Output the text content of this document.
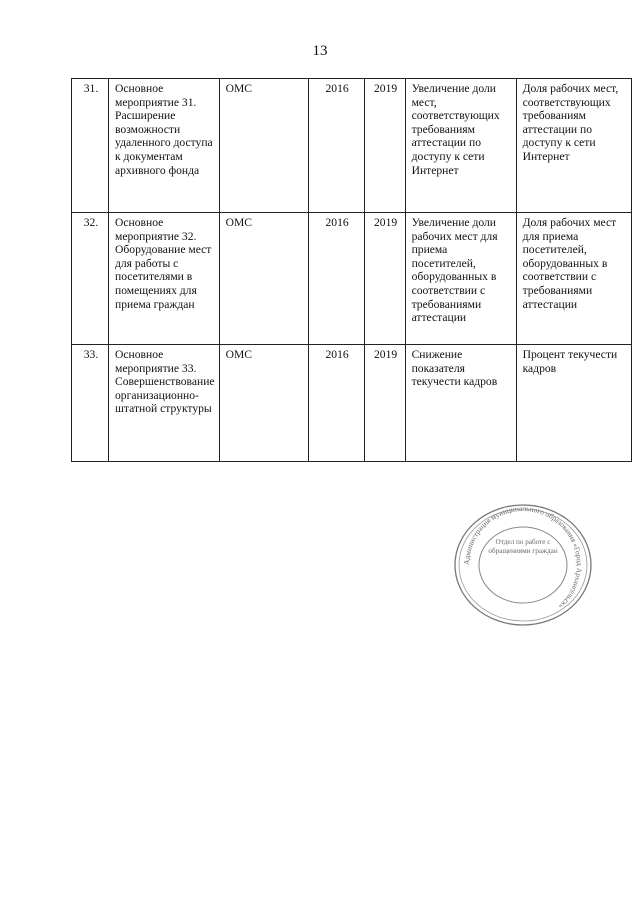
13
31.	Основное мероприятие 31. Расширение возможности удаленного доступа к документам архивного фонда	ОМС	2016	2019	Увеличение доли мест, соответствующих требованиям аттестации по доступу к сети Интернет	Доля рабочих мест, соответствующих требованиям аттестации по доступу к сети Интернет
32.	Основное мероприятие 32. Оборудование мест для работы с посетителями в помещениях для приема граждан	ОМС	2016	2019	Увеличение доли рабочих мест для приема посетителей, оборудованных в соответствии с требованиями аттестации	Доля рабочих мест для приема посетителей, оборудованных в соответствии с требованиями аттестации
33.	Основное мероприятие 33. Совершенствование организационно-штатной структуры	ОМС	2016	2019	Снижение показателя текучести кадров	Процент текучести кадров
Администрация муниципального образования «Город Архангельск»
Отдел по работе с обращениями граждан
